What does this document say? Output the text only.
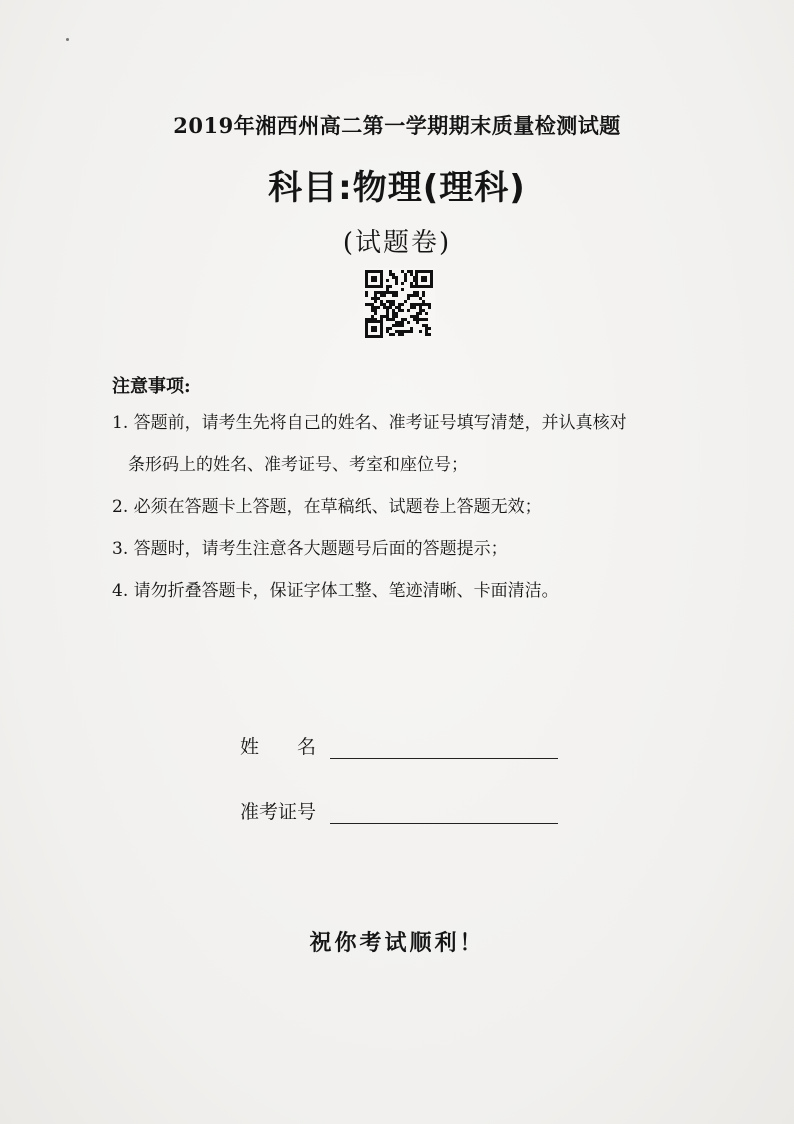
2019年湘西州高二第一学期期末质量检测试题
科目:物理(理科)
(试题卷)
注意事项:
1. 答题前，请考生先将自己的姓名、准考证号填写清楚，并认真核对
条形码上的姓名、准考证号、考室和座位号；
2. 必须在答题卡上答题，在草稿纸、试题卷上答题无效；
3. 答题时，请考生注意各大题题号后面的答题提示；
4. 请勿折叠答题卡，保证字体工整、笔迹清晰、卡面清洁。
姓　　名
准考证号
祝你考试顺利！
